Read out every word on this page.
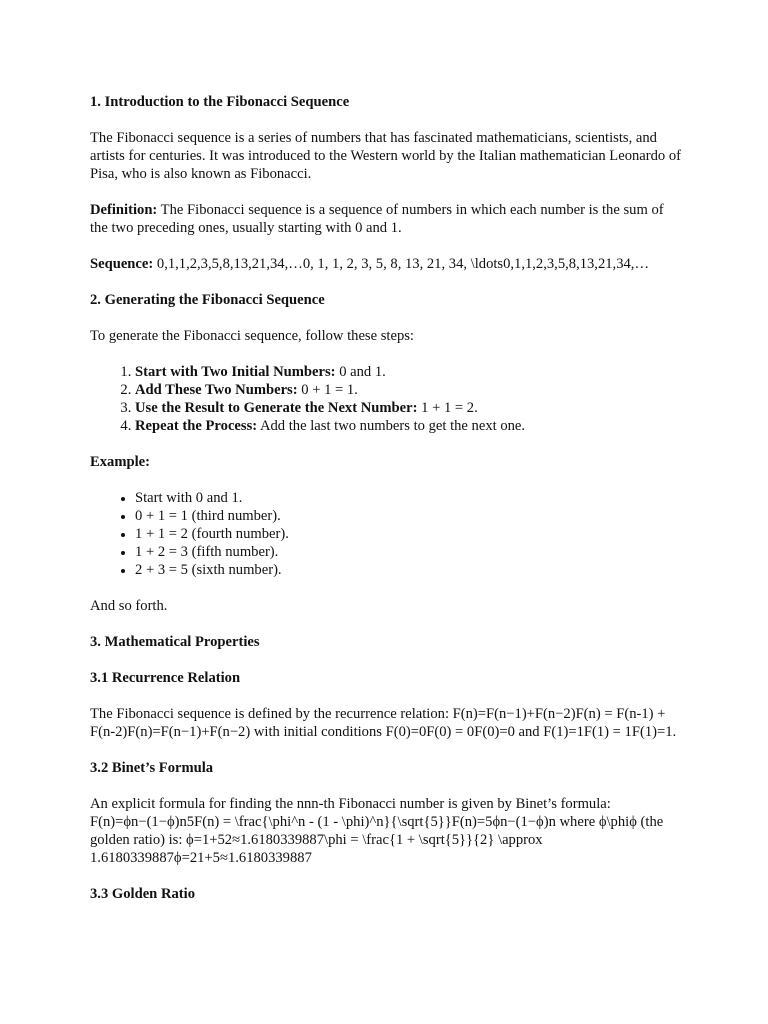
1. Introduction to the Fibonacci Sequence

The Fibonacci sequence is a series of numbers that has fascinated mathematicians, scientists, and artists for centuries. It was introduced to the Western world by the Italian mathematician Leonardo of Pisa, who is also known as Fibonacci.

Definition: The Fibonacci sequence is a sequence of numbers in which each number is the sum of the two preceding ones, usually starting with 0 and 1.

Sequence: 0,1,1,2,3,5,8,13,21,34,…0, 1, 1, 2, 3, 5, 8, 13, 21, 34, \ldots0,1,1,2,3,5,8,13,21,34,…

2. Generating the Fibonacci Sequence

To generate the Fibonacci sequence, follow these steps:

1. Start with Two Initial Numbers: 0 and 1.
2. Add These Two Numbers: 0 + 1 = 1.
3. Use the Result to Generate the Next Number: 1 + 1 = 2.
4. Repeat the Process: Add the last two numbers to get the next one.

Example:

• Start with 0 and 1.
• 0 + 1 = 1 (third number).
• 1 + 1 = 2 (fourth number).
• 1 + 2 = 3 (fifth number).
• 2 + 3 = 5 (sixth number).

And so forth.

3. Mathematical Properties
3.1 Recurrence Relation

The Fibonacci sequence is defined by the recurrence relation: F(n)=F(n−1)+F(n−2)F(n) = F(n-1) + F(n-2)F(n)=F(n−1)+F(n−2) with initial conditions F(0)=0F(0) = 0F(0)=0 and F(1)=1F(1) = 1F(1)=1.

3.2 Binet’s Formula

An explicit formula for finding the nnn-th Fibonacci number is given by Binet’s formula: F(n)=ϕn−(1−ϕ)n5F(n) = \frac{\phi^n - (1 - \phi)^n}{\sqrt{5}}F(n)=5ϕn−(1−ϕ)n where ϕ\phiϕ (the golden ratio) is: ϕ=1+52≈1.6180339887\phi = \frac{1 + \sqrt{5}}{2} \approx 1.6180339887ϕ=21+5≈1.6180339887

3.3 Golden Ratio
